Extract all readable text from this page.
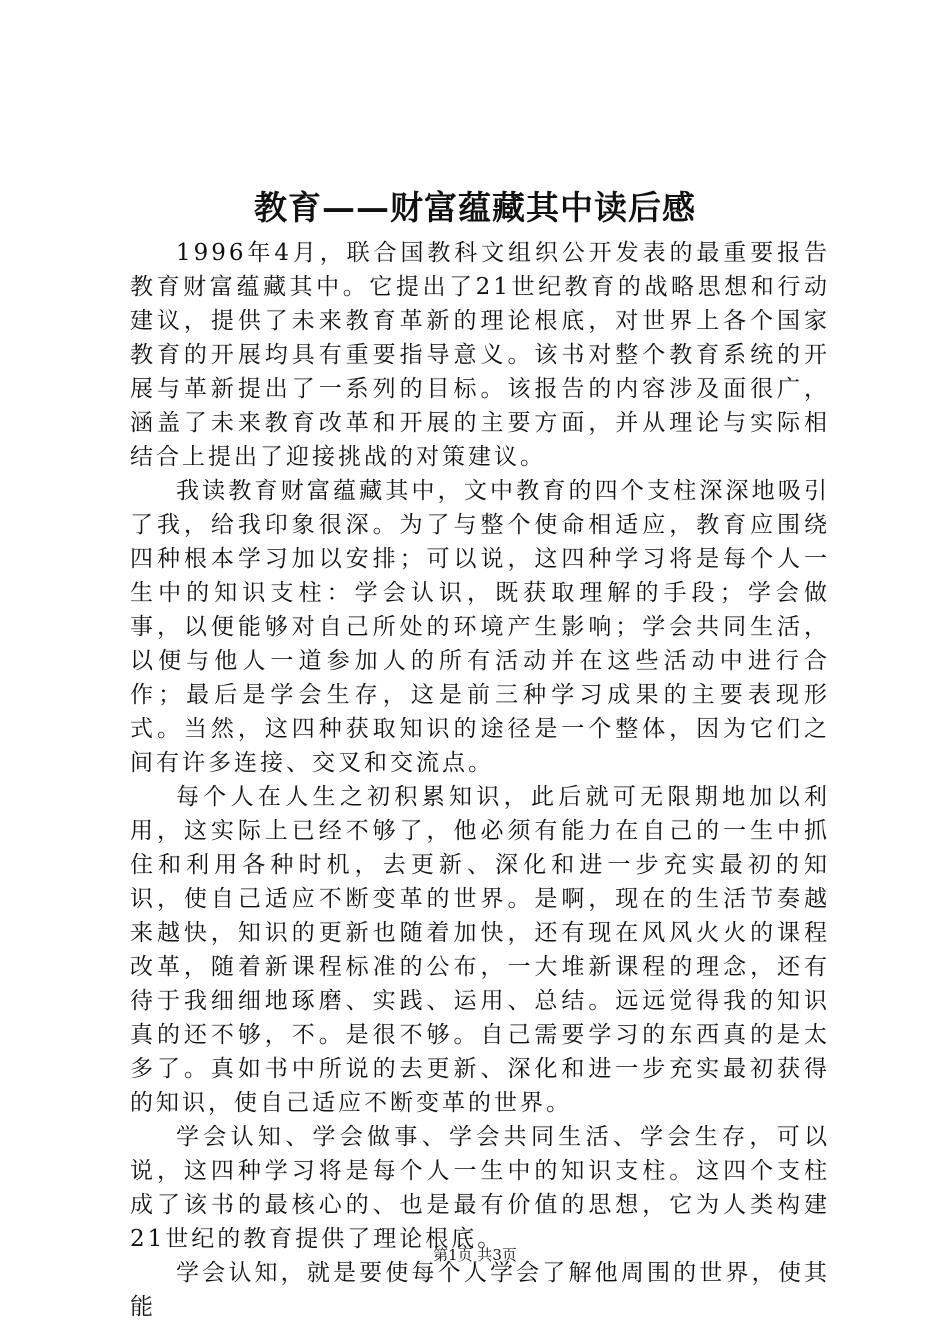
教育——财富蕴藏其中读后感

1996年4月，联合国教科文组织公开发表的最重要报告教育财富蕴藏其中。它提出了21世纪教育的战略思想和行动建议，提供了未来教育革新的理论根底，对世界上各个国家教育的开展均具有重要指导意义。该书对整个教育系统的开展与革新提出了一系列的目标。该报告的内容涉及面很广，涵盖了未来教育改革和开展的主要方面，并从理论与实际相结合上提出了迎接挑战的对策建议。

我读教育财富蕴藏其中，文中教育的四个支柱深深地吸引了我，给我印象很深。为了与整个使命相适应，教育应围绕四种根本学习加以安排；可以说，这四种学习将是每个人一生中的知识支柱：学会认识，既获取理解的手段；学会做事，以便能够对自己所处的环境产生影响；学会共同生活，以便与他人一道参加人的所有活动并在这些活动中进行合作；最后是学会生存，这是前三种学习成果的主要表现形式。当然，这四种获取知识的途径是一个整体，因为它们之间有许多连接、交叉和交流点。

每个人在人生之初积累知识，此后就可无限期地加以利用，这实际上已经不够了，他必须有能力在自己的一生中抓住和利用各种时机，去更新、深化和进一步充实最初的知识，使自己适应不断变革的世界。是啊，现在的生活节奏越来越快，知识的更新也随着加快，还有现在风风火火的课程改革，随着新课程标准的公布，一大堆新课程的理念，还有待于我细细地琢磨、实践、运用、总结。远远觉得我的知识真的还不够，不。是很不够。自己需要学习的东西真的是太多了。真如书中所说的去更新、深化和进一步充实最初获得的知识，使自己适应不断变革的世界。

学会认知、学会做事、学会共同生活、学会生存，可以说，这四种学习将是每个人一生中的知识支柱。这四个支柱成了该书的最核心的、也是最有价值的思想，它为人类构建21世纪的教育提供了理论根底。

学会认知，就是要使每个人学会了解他周围的世界，使其能

第1页 共3页
